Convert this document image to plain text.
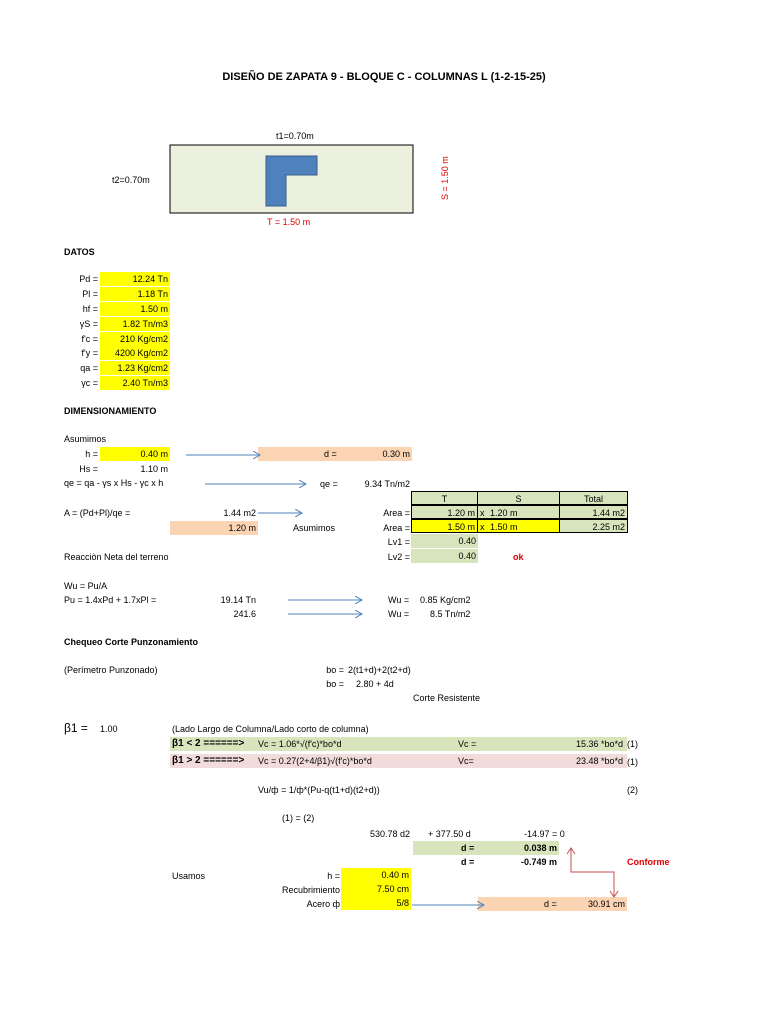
DISEÑO DE ZAPATA 9 - BLOQUE C - COLUMNAS L (1-2-15-25)
t1=0.70m
t2=0.70m
T = 1.50 m
S = 1.50 m
DATOS
Pd =	12.24 Tn
Pl =	1.18 Tn
hf =	1.50 m
γS =	1.82 Tn/m3
f'c =	210 Kg/cm2
f'y =	4200 Kg/cm2
qa =	1.23 Kg/cm2
γc =	2.40 Tn/m3
DIMENSIONAMIENTO
Asumimos
h =	0.40 m	d =	0.30 m
Hs =	1.10 m
qe = qa - γs x Hs - γc x h	qe =	9.34 Tn/m2
T	S	Total
A = (Pd+Pl)/qe =	1.44 m2	Area =	1.20 m x 1.20 m	1.44 m2
1.20 m	Asumimos	Area =	1.50 m x 1.50 m	2.25 m2
Lv1 =	0.40
Reacciòn Neta del terreno	Lv2 =	0.40	ok
Wu = Pu/A
Pu = 1.4xPd + 1.7xPl =	19.14 Tn
241.6
Wu = 0.85 Kg/cm2
Wu = 8.5 Tn/m2
Chequeo Corte Punzonamiento
(Perímetro Punzonado)	bo = 2(t1+d)+2(t2+d)
bo = 2.80 + 4d
Corte Resistente
β1 = 1.00	(Lado Largo de Columna/Lado corto de columna)
β1 < 2 ======> Vc = 1.06*√(f'c)*bo*d	Vc =	15.36 *bo*d (1)
β1 > 2 ======> Vc = 0.27(2+4/β1)√(f'c)*bo*d	Vc=	23.48 *bo*d (1)
Vu/ф = 1/ф*(Pu-q(t1+d)(t2+d))	(2)
(1) = (2)
530.78 d2 + 377.50 d	-14.97 = 0
d =	0.038 m
d =	-0.749 m	Conforme
Usamos	h =	0.40 m
Recubrimiento	7.50 cm
Acero ф	5/8	d =	30.91 cm
